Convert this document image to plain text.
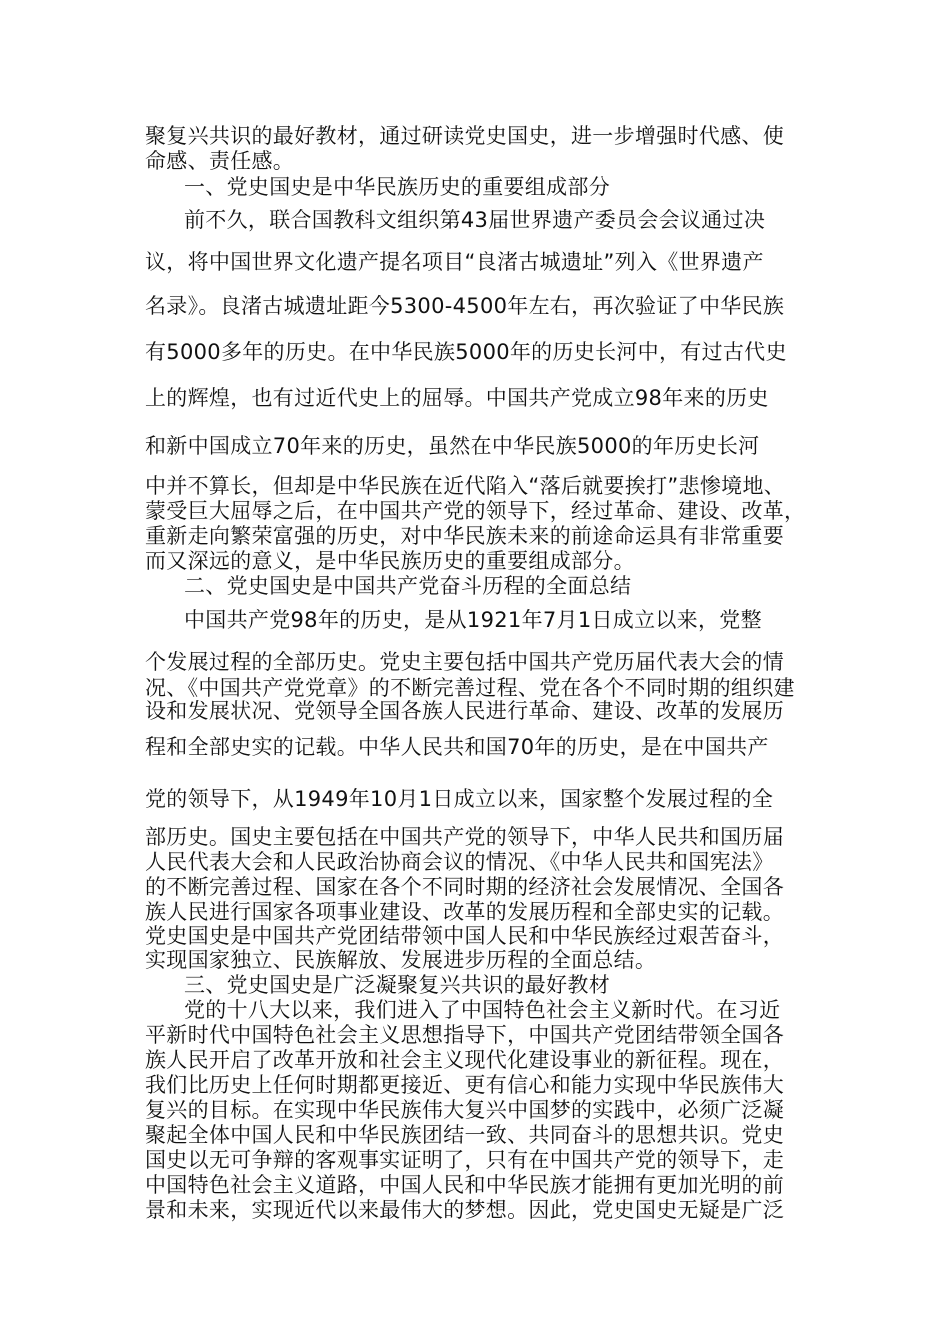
聚复兴共识的最好教材，通过研读党史国史，进一步增强时代感、使
命感、责任感。
一、党史国史是中华民族历史的重要组成部分
前不久，联合国教科文组织第43届世界遗产委员会会议通过决
议，将中国世界文化遗产提名项目“良渚古城遗址”列入《世界遗产
名录》。良渚古城遗址距今5300-4500年左右，再次验证了中华民族
有5000多年的历史。在中华民族5000年的历史长河中，有过古代史
上的辉煌，也有过近代史上的屈辱。中国共产党成立98年来的历史
和新中国成立70年来的历史，虽然在中华民族5000的年历史长河
中并不算长，但却是中华民族在近代陷入“落后就要挨打”悲惨境地、
蒙受巨大屈辱之后，在中国共产党的领导下，经过革命、建设、改革，
重新走向繁荣富强的历史，对中华民族未来的前途命运具有非常重要
而又深远的意义，是中华民族历史的重要组成部分。
二、党史国史是中国共产党奋斗历程的全面总结
中国共产党98年的历史，是从1921年7月1日成立以来，党整
个发展过程的全部历史。党史主要包括中国共产党历届代表大会的情
况、《中国共产党党章》的不断完善过程、党在各个不同时期的组织建
设和发展状况、党领导全国各族人民进行革命、建设、改革的发展历
程和全部史实的记载。中华人民共和国70年的历史，是在中国共产
党的领导下，从1949年10月1日成立以来，国家整个发展过程的全
部历史。国史主要包括在中国共产党的领导下，中华人民共和国历届
人民代表大会和人民政治协商会议的情况、《中华人民共和国宪法》
的不断完善过程、国家在各个不同时期的经济社会发展情况、全国各
族人民进行国家各项事业建设、改革的发展历程和全部史实的记载。
党史国史是中国共产党团结带领中国人民和中华民族经过艰苦奋斗，
实现国家独立、民族解放、发展进步历程的全面总结。
三、党史国史是广泛凝聚复兴共识的最好教材
党的十八大以来，我们进入了中国特色社会主义新时代。在习近
平新时代中国特色社会主义思想指导下，中国共产党团结带领全国各
族人民开启了改革开放和社会主义现代化建设事业的新征程。现在，
我们比历史上任何时期都更接近、更有信心和能力实现中华民族伟大
复兴的目标。在实现中华民族伟大复兴中国梦的实践中，必须广泛凝
聚起全体中国人民和中华民族团结一致、共同奋斗的思想共识。党史
国史以无可争辩的客观事实证明了，只有在中国共产党的领导下，走
中国特色社会主义道路，中国人民和中华民族才能拥有更加光明的前
景和未来，实现近代以来最伟大的梦想。因此，党史国史无疑是广泛
